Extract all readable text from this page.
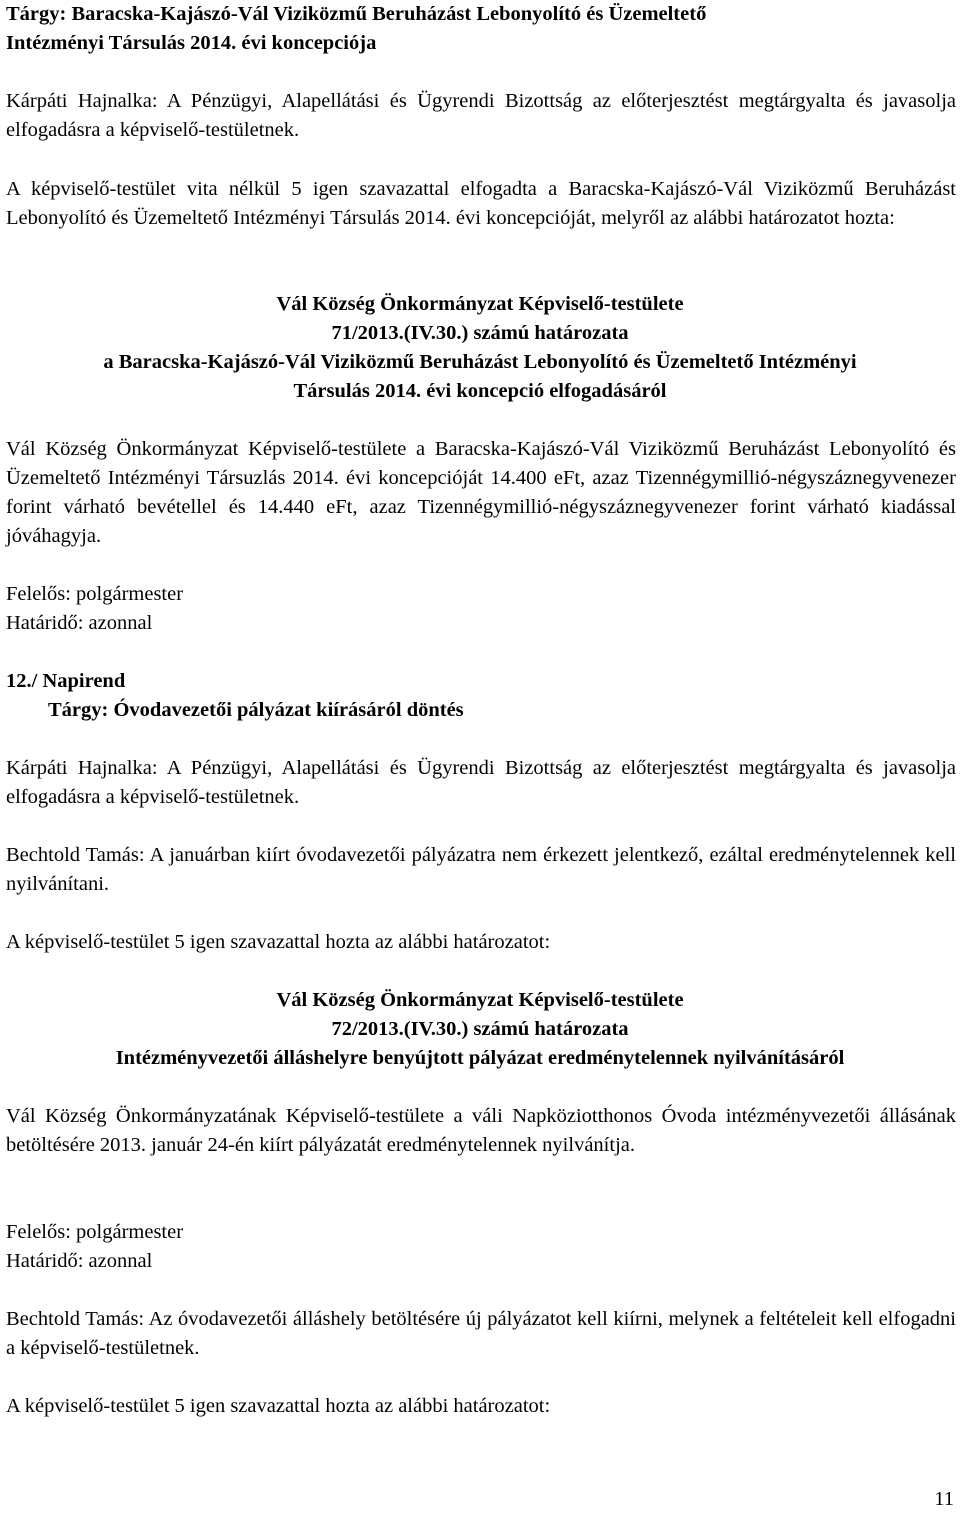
Tárgy: Baracska-Kajászó-Vál Viziközmű Beruházást Lebonyolító és Üzemeltető
Intézményi Társulás 2014. évi koncepciója
Kárpáti Hajnalka: A Pénzügyi, Alapellátási és Ügyrendi Bizottság az előterjesztést megtárgyalta és javasolja elfogadásra a képviselő-testületnek.
A képviselő-testület vita nélkül 5 igen szavazattal elfogadta a Baracska-Kajászó-Vál Viziközmű Beruházást Lebonyolító és Üzemeltető Intézményi Társulás 2014. évi koncepcióját, melyről az alábbi határozatot hozta:
Vál Község Önkormányzat Képviselő-testülete
71/2013.(IV.30.) számú határozata
a Baracska-Kajászó-Vál Viziközmű Beruházást Lebonyolító és Üzemeltető Intézményi
Társulás 2014. évi koncepció elfogadásáról
Vál Község Önkormányzat Képviselő-testülete a Baracska-Kajászó-Vál Viziközmű Beruházást Lebonyolító és Üzemeltető Intézményi Társuzlás 2014. évi koncepcióját 14.400 eFt, azaz Tizennégymillió-négyszáznegyvenezer forint várható bevétellel és 14.440 eFt, azaz Tizennégymillió-négyszáznegyvenezer forint várható kiadással jóváhagyja.
Felelős: polgármester
Határidő: azonnal
12./ Napirend
Tárgy: Óvodavezetői pályázat kiírásáról döntés
Kárpáti Hajnalka: A Pénzügyi, Alapellátási és Ügyrendi Bizottság az előterjesztést megtárgyalta és javasolja elfogadásra a képviselő-testületnek.
Bechtold Tamás: A januárban kiírt óvodavezetői pályázatra nem érkezett jelentkező, ezáltal eredménytelennek kell nyilvánítani.
A képviselő-testület 5 igen szavazattal hozta az alábbi határozatot:
Vál Község Önkormányzat Képviselő-testülete
72/2013.(IV.30.) számú határozata
Intézményvezetői álláshelyre benyújtott pályázat eredménytelennek nyilvánításáról
Vál Község Önkormányzatának Képviselő-testülete a váli Napköziotthonos Óvoda intézményvezetői állásának betöltésére 2013. január 24-én kiírt pályázatát eredménytelennek nyilvánítja.
Felelős: polgármester
Határidő: azonnal
Bechtold Tamás: Az óvodavezetői álláshely betöltésére új pályázatot kell kiírni, melynek a feltételeit kell elfogadni a képviselő-testületnek.
A képviselő-testület 5 igen szavazattal hozta az alábbi határozatot:
11
